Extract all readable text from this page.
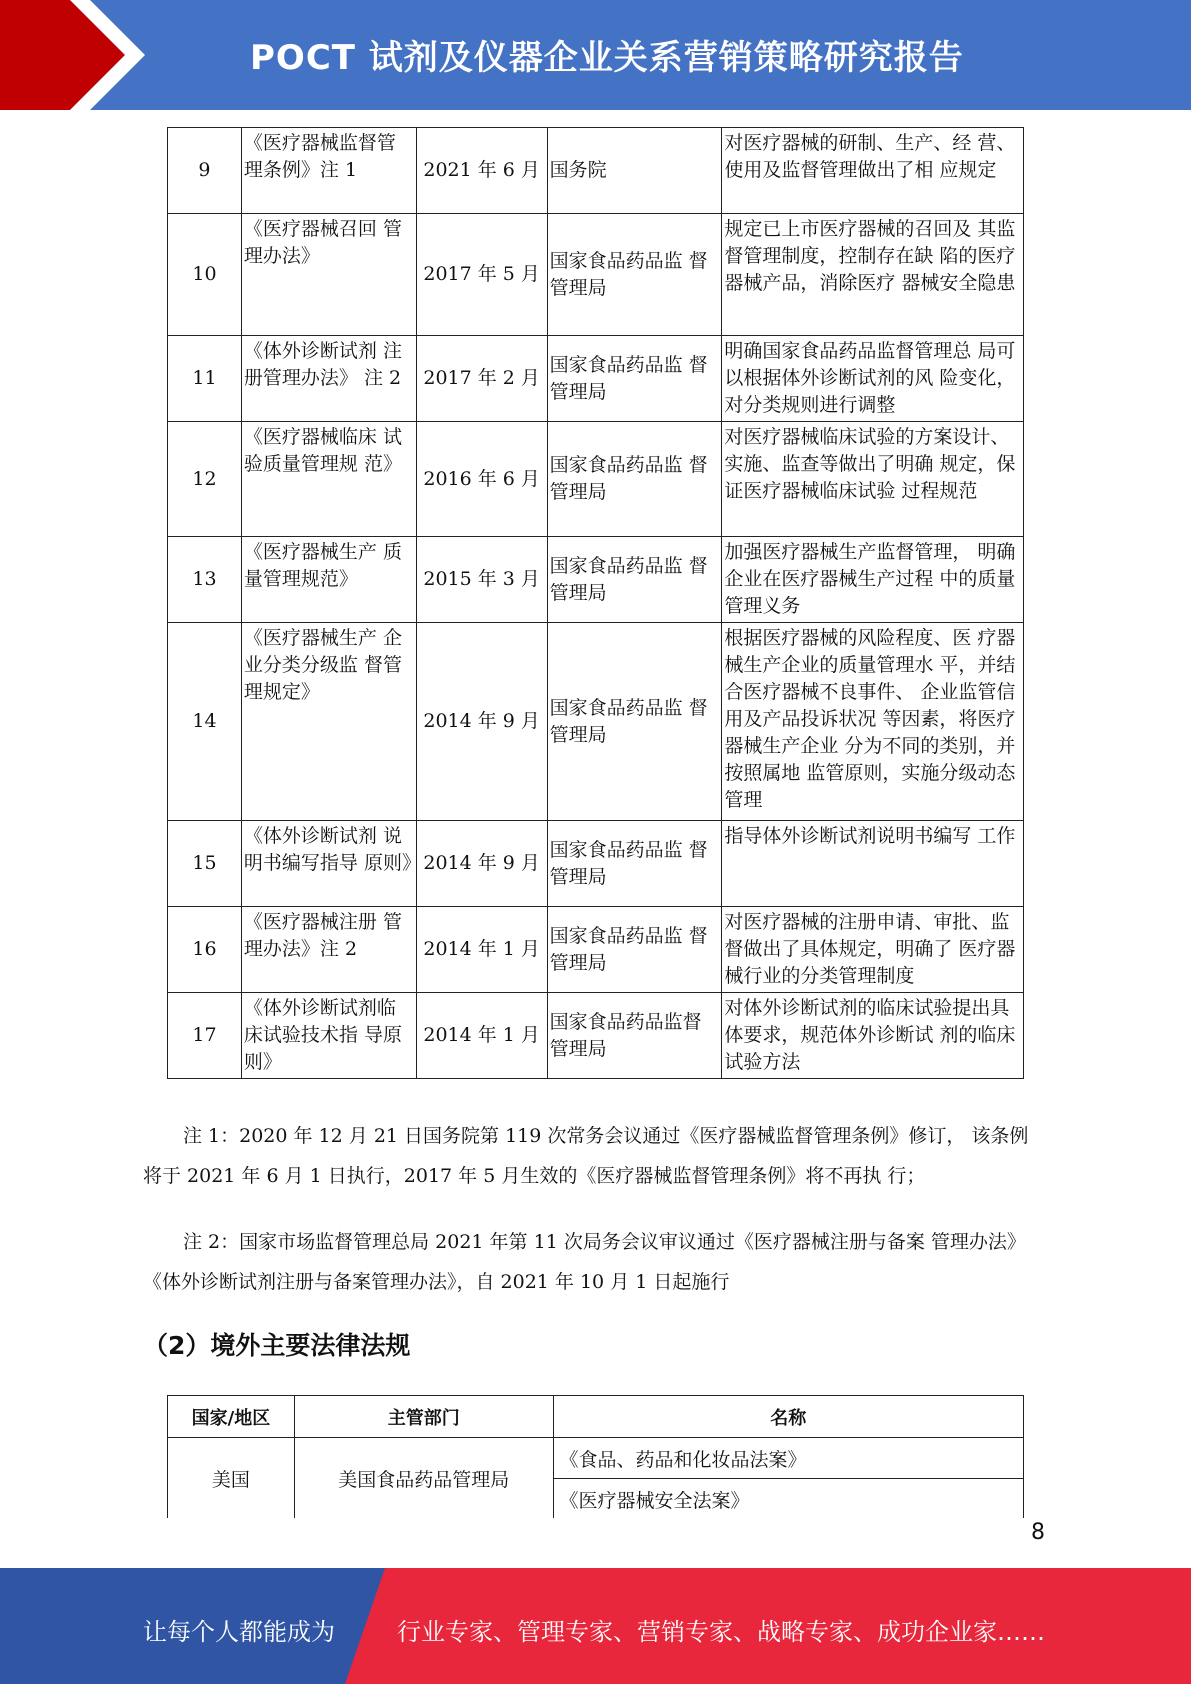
POCT 试剂及仪器企业关系营销策略研究报告
9	《医疗器械监督管理条例》注 1	2021 年 6 月	国务院	对医疗器械的研制、生产、经 营、使用及监督管理做出了相 应规定
10	《医疗器械召回 管理办法》	2017 年 5 月	国家食品药品监 督管理局	规定已上市医疗器械的召回及 其监督管理制度，控制存在缺 陷的医疗器械产品，消除医疗 器械安全隐患
11	《体外诊断试剂 注册管理办法》 注 2	2017 年 2 月	国家食品药品监 督管理局	明确国家食品药品监督管理总 局可以根据体外诊断试剂的风 险变化，对分类规则进行调整
12	《医疗器械临床 试验质量管理规 范》	2016 年 6 月	国家食品药品监 督管理局	对医疗器械临床试验的方案设计、实施、监查等做出了明确 规定，保证医疗器械临床试验 过程规范
13	《医疗器械生产 质量管理规范》	2015 年 3 月	国家食品药品监 督管理局	加强医疗器械生产监督管理， 明确企业在医疗器械生产过程 中的质量管理义务
14	《医疗器械生产 企业分类分级监 督管理规定》	2014 年 9 月	国家食品药品监 督管理局	根据医疗器械的风险程度、医 疗器械生产企业的质量管理水 平，并结合医疗器械不良事件、 企业监管信用及产品投诉状况 等因素，将医疗器械生产企业 分为不同的类别，并按照属地 监管原则，实施分级动态管理
15	《体外诊断试剂 说明书编写指导 原则》	2014 年 9 月	国家食品药品监 督管理局	指导体外诊断试剂说明书编写 工作
16	《医疗器械注册 管理办法》注 2	2014 年 1 月	国家食品药品监 督管理局	对医疗器械的注册申请、审批、监督做出了具体规定，明确了 医疗器械行业的分类管理制度
17	《体外诊断试剂临床试验技术指 导原则》	2014 年 1 月	国家食品药品监督管理局	对体外诊断试剂的临床试验提出具体要求，规范体外诊断试 剂的临床试验方法

注 1：2020 年 12 月 21 日国务院第 119 次常务会议通过《医疗器械监督管理条例》修订， 该条例将于 2021 年 6 月 1 日执行，2017 年 5 月生效的《医疗器械监督管理条例》将不再执 行；

注 2：国家市场监督管理总局 2021 年第 11 次局务会议审议通过《医疗器械注册与备案 管理办法》《体外诊断试剂注册与备案管理办法》，自 2021 年 10 月 1 日起施行

（2）境外主要法律法规
国家/地区	主管部门	名称
美国	美国食品药品管理局	《食品、药品和化妆品法案》
		《医疗器械安全法案》
8
让每个人都能成为	行业专家、管理专家、营销专家、战略专家、成功企业家……
